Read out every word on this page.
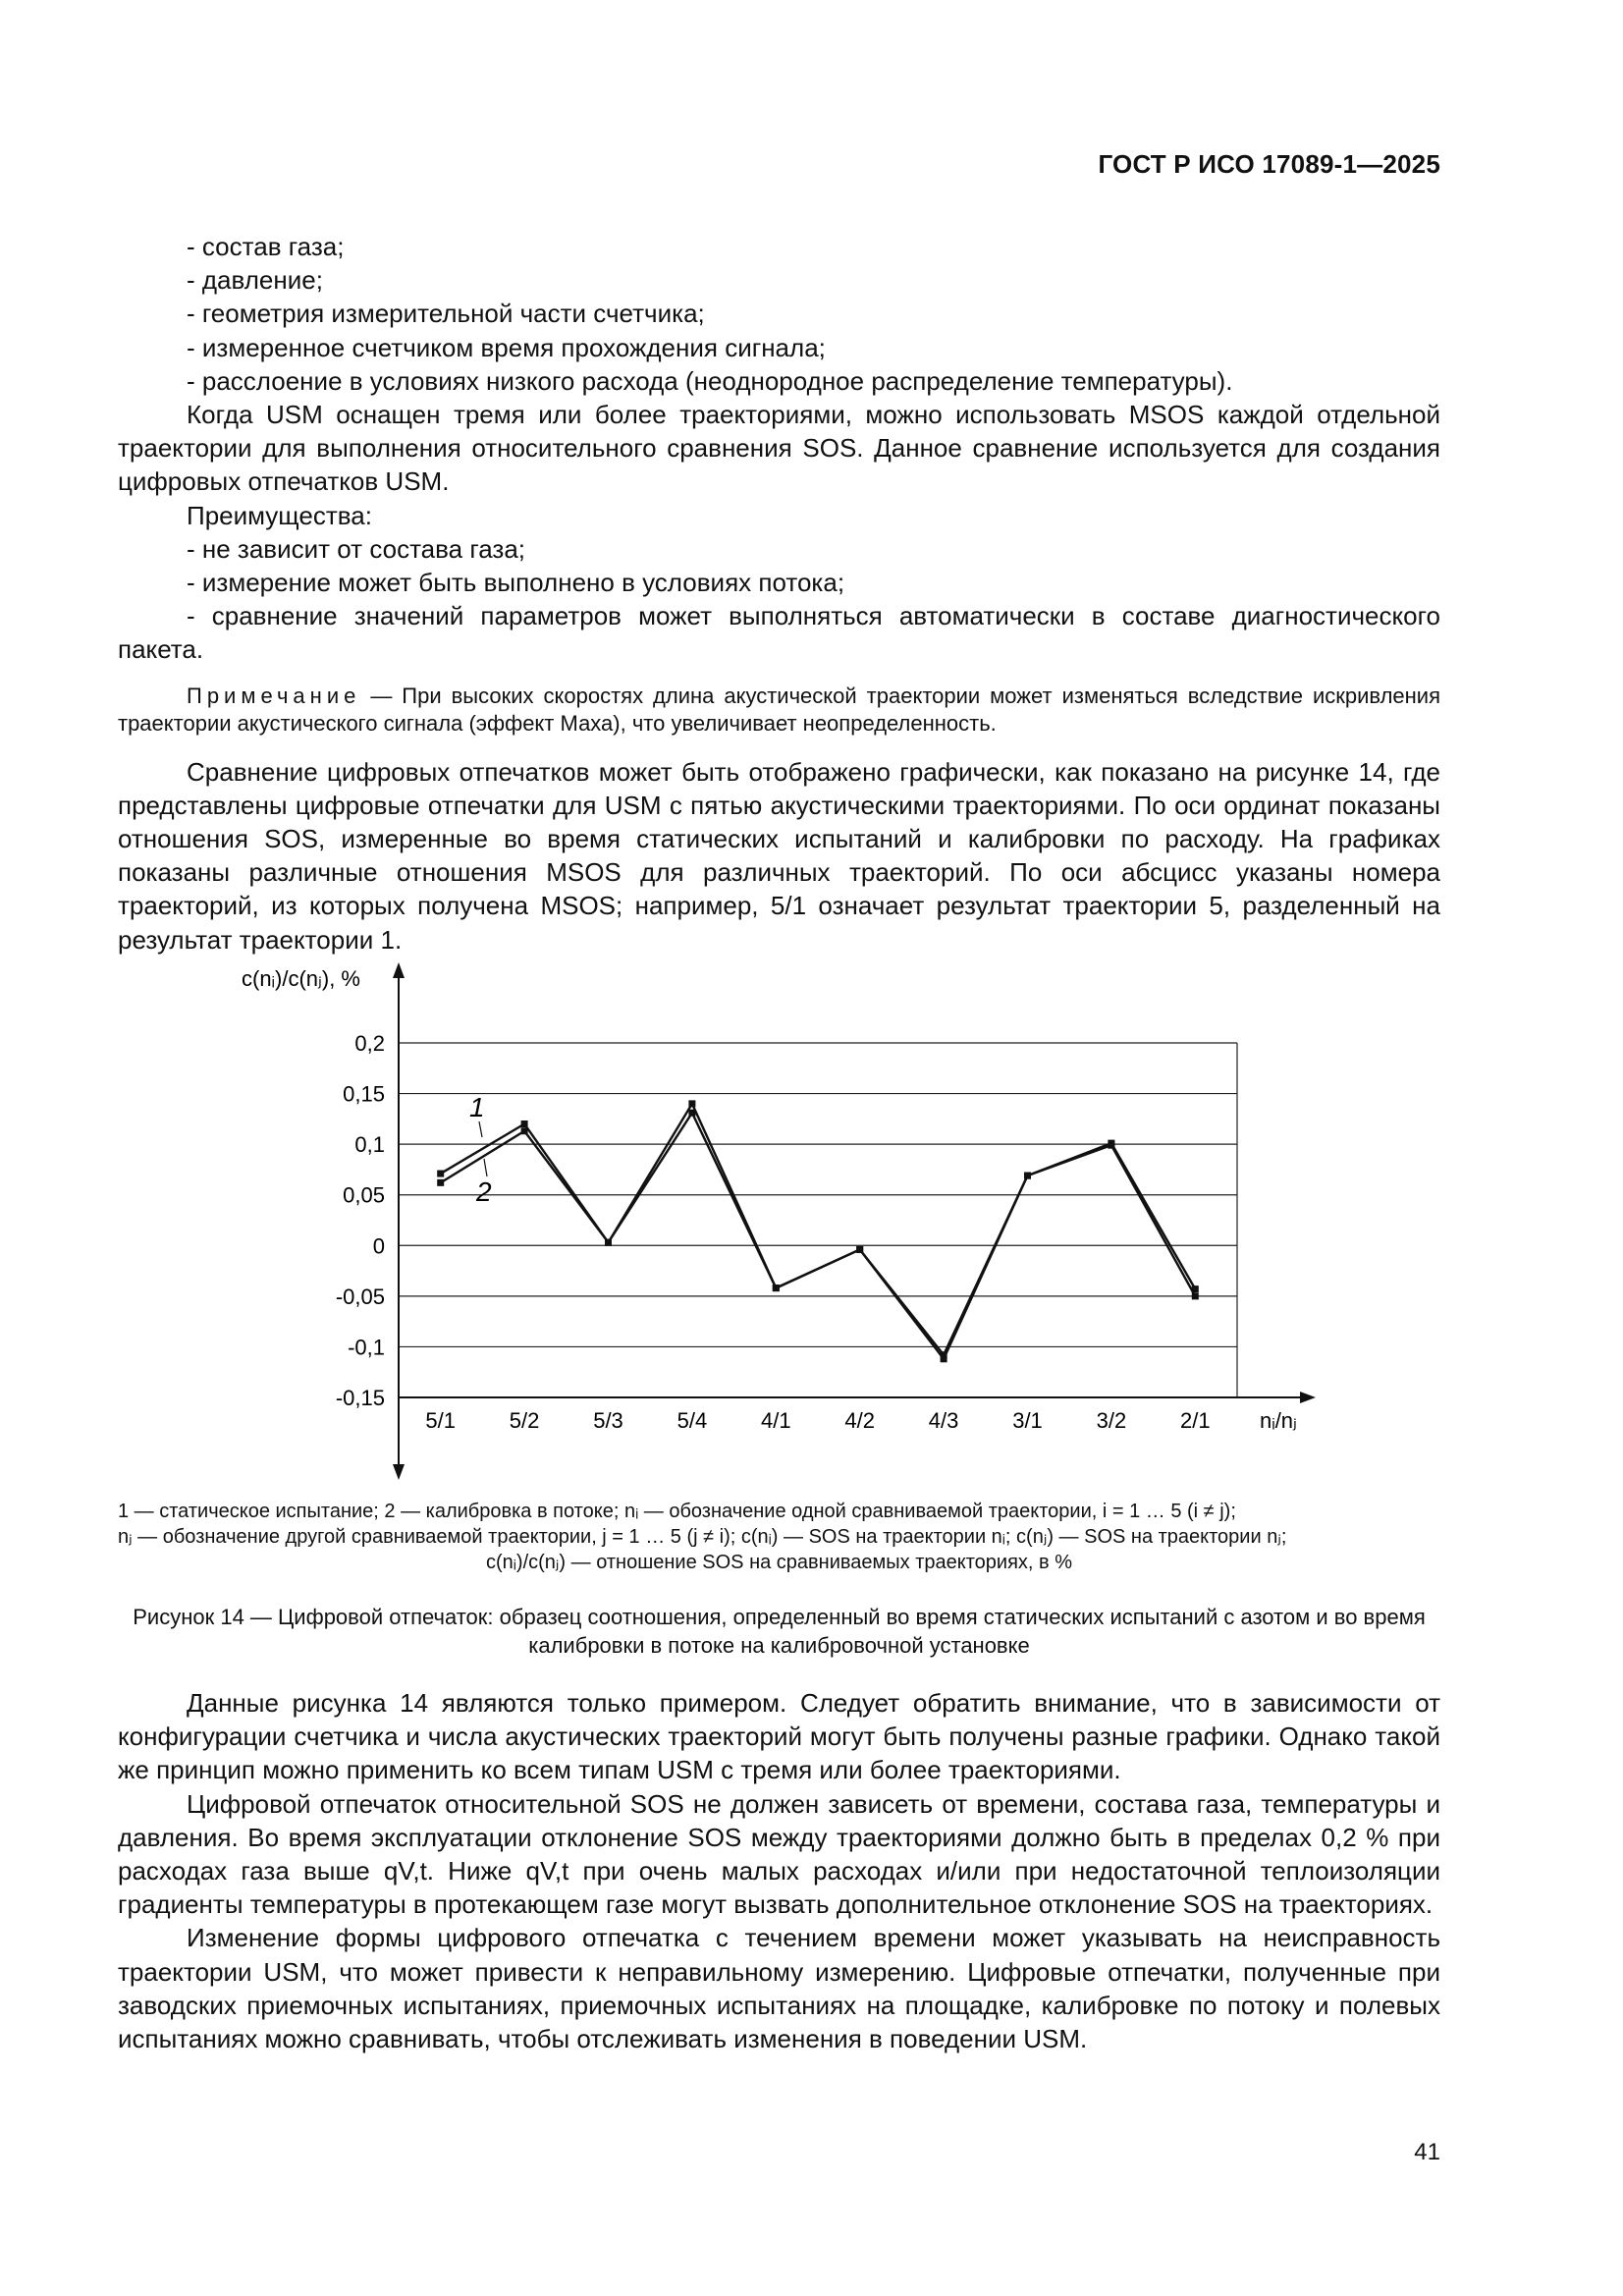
ГОСТ Р ИСО 17089-1—2025

- состав газа;

- давление;

- геометрия измерительной части счетчика;

- измеренное счетчиком время прохождения сигнала;

- расслоение в условиях низкого расхода (неоднородное распределение температуры).

Когда USM оснащен тремя или более траекториями, можно использовать MSOS каждой отдельной траектории для выполнения относительного сравнения SOS. Данное сравнение используется для создания цифровых отпечатков USM.

Преимущества:

- не зависит от состава газа;

- измерение может быть выполнено в условиях потока;

- сравнение значений параметров может выполняться автоматически в составе диагностического пакета.

Примечание — При высоких скоростях длина акустической траектории может изменяться вследствие искривления траектории акустического сигнала (эффект Маха), что увеличивает неопределенность.

Сравнение цифровых отпечатков может быть отображено графически, как показано на рисунке 14, где представлены цифровые отпечатки для USM с пятью акустическими траекториями. По оси ординат показаны отношения SOS, измеренные во время статических испытаний и калибровки по расходу. На графиках показаны различные отношения MSOS для различных траекторий. По оси абсцисс указаны номера траекторий, из которых получена MSOS; например, 5/1 означает результат траектории 5, разделенный на результат траектории 1.

c(nᵢ)/c(nⱼ), %
nᵢ/nⱼ
0,2
0,15
0,1
0,05
0
-0,05
-0,1
-0,15
5/1 5/2 5/3 5/4 4/1 4/2 4/3 3/1 3/2 2/1
1
2
1 — статическое испытание; 2 — калибровка в потоке; nᵢ — обозначение одной сравниваемой траектории, i = 1 … 5 (i ≠ j);
nⱼ — обозначение другой сравниваемой траектории, j = 1 … 5 (j ≠ i); c(nᵢ) — SOS на траектории nᵢ; c(nⱼ) — SOS на траектории nⱼ;
c(nᵢ)/c(nⱼ) — отношение SOS на сравниваемых траекториях, в %
Рисунок 14 — Цифровой отпечаток: образец соотношения, определенный во время статических испытаний с азотом и во время калибровки в потоке на калибровочной установке

Данные рисунка 14 являются только примером. Следует обратить внимание, что в зависимости от конфигурации счетчика и числа акустических траекторий могут быть получены разные графики. Однако такой же принцип можно применить ко всем типам USM с тремя или более траекториями.

Цифровой отпечаток относительной SOS не должен зависеть от времени, состава газа, температуры и давления. Во время эксплуатации отклонение SOS между траекториями должно быть в пределах 0,2 % при расходах газа выше qV,t. Ниже qV,t при очень малых расходах и/или при недостаточной теплоизоляции градиенты температуры в протекающем газе могут вызвать дополнительное отклонение SOS на траекториях.

Изменение формы цифрового отпечатка с течением времени может указывать на неисправность траектории USM, что может привести к неправильному измерению. Цифровые отпечатки, полученные при заводских приемочных испытаниях, приемочных испытаниях на площадке, калибровке по потоку и полевых испытаниях можно сравнивать, чтобы отслеживать изменения в поведении USM.

41
